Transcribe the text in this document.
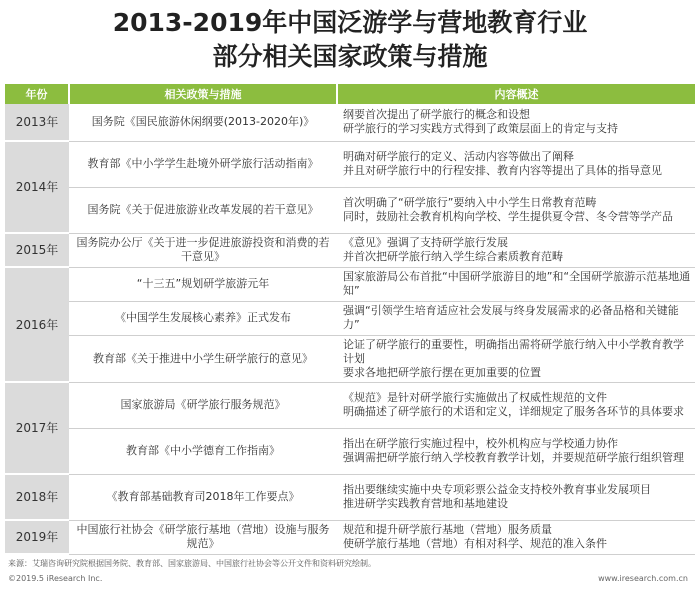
2013-2019年中国泛游学与营地教育行业
部分相关国家政策与措施
年份	相关政策与措施	内容概述
2013年	国务院《国民旅游休闲纲要(2013-2020年)》	纲要首次提出了研学旅行的概念和设想
研学旅行的学习实践方式得到了政策层面上的肯定与支持

2014年	教育部《中小学学生赴境外研学旅行活动指南》	明确对研学旅行的定义、活动内容等做出了阐释
并且对研学旅行中的行程安排、教育内容等提出了具体的指导意见

	国务院《关于促进旅游业改革发展的若干意见》	首次明确了“研学旅行”要纳入中小学生日常教育范畴
同时，鼓励社会教育机构向学校、学生提供夏令营、冬令营等学产品

2015年	国务院办公厅《关于进一步促进旅游投资和消费的若干意见》	《意见》强调了支持研学旅行发展
并首次把研学旅行纳入学生综合素质教育范畴

2016年	“十三五”规划研学旅游元年	国家旅游局公布首批“中国研学旅游目的地”和“全国研学旅游示范基地通知”

	《中国学生发展核心素养》正式发布	强调“引领学生培育适应社会发展与终身发展需求的必备品格和关键能力”

	教育部《关于推进中小学生研学旅行的意见》	论证了研学旅行的重要性，明确指出需将研学旅行纳入中小学教育教学计划
要求各地把研学旅行摆在更加重要的位置

2017年	国家旅游局《研学旅行服务规范》	《规范》是针对研学旅行实施做出了权威性规范的文件
明确描述了研学旅行的术语和定义，详细规定了服务各环节的具体要求

	教育部《中小学德育工作指南》	指出在研学旅行实施过程中，校外机构应与学校通力协作
强调需把研学旅行纳入学校教育教学计划，并要规范研学旅行组织管理

2018年	《教育部基础教育司2018年工作要点》	指出要继续实施中央专项彩票公益金支持校外教育事业发展项目
推进研学实践教育营地和基地建设

2019年	中国旅行社协会《研学旅行基地（营地）设施与服务规范》	规范和提升研学旅行基地（营地）服务质量
使研学旅行基地（营地）有相对科学、规范的准入条件
来源：艾瑞咨询研究院根据国务院、教育部、国家旅游局、中国旅行社协会等公开文件和资料研究绘制。
©2019.5 iResearch Inc.	www.iresearch.com.cn
